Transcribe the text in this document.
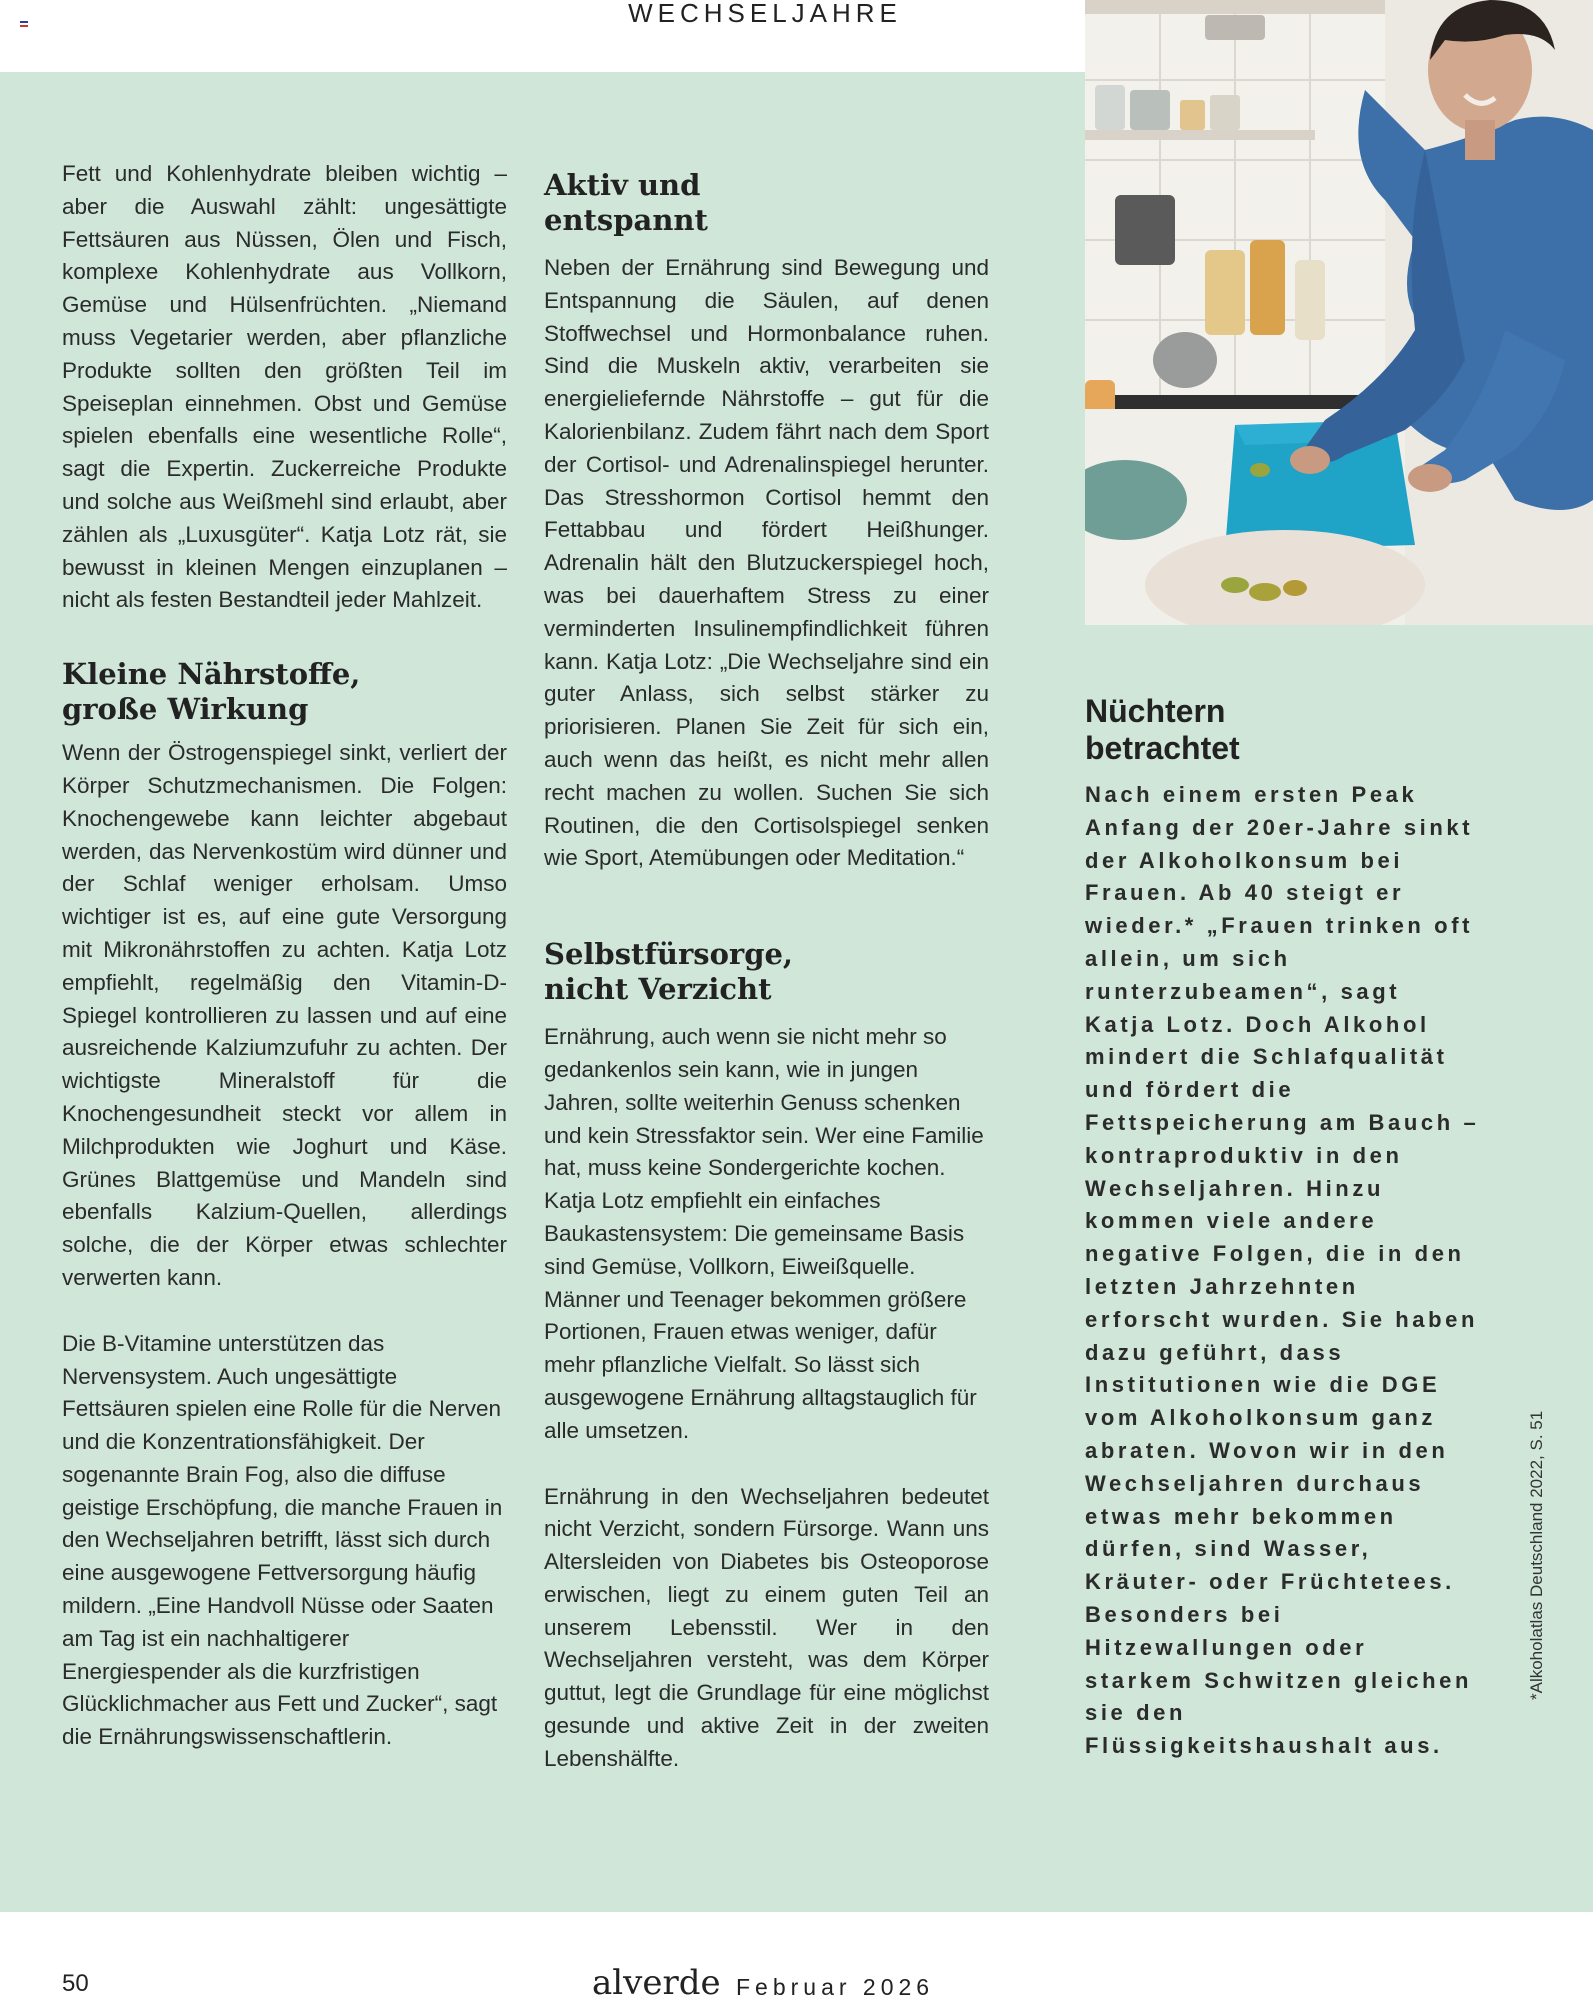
WECHSELJAHRE

Fett und Kohlenhydrate bleiben wichtig – aber die Auswahl zählt: ungesättigte Fettsäuren aus Nüssen, Ölen und Fisch, komplexe Kohlenhydrate aus Vollkorn, Gemüse und Hülsenfrüchten. „Niemand muss Vegetarier werden, aber pflanzliche Produkte sollten den größten Teil im Speiseplan einnehmen. Obst und Gemüse spielen ebenfalls eine wesentliche Rolle“, sagt die Expertin. Zuckerreiche Produkte und solche aus Weißmehl sind erlaubt, aber zählen als „Luxusgüter“. Katja Lotz rät, sie bewusst in kleinen Mengen einzuplanen – nicht als festen Bestandteil jeder Mahlzeit.

Kleine Nährstoffe,
große Wirkung

Wenn der Östrogenspiegel sinkt, verliert der Körper Schutzmechanismen. Die Folgen: Knochengewebe kann leichter abgebaut werden, das Nervenkostüm wird dünner und der Schlaf weniger erholsam. Umso wichtiger ist es, auf eine gute Versorgung mit Mikronährstoffen zu achten. Katja Lotz empfiehlt, regelmäßig den Vitamin-D-Spiegel kontrollieren zu lassen und auf eine ausreichende Kalziumzufuhr zu achten. Der wichtigste Mineralstoff für die Knochengesundheit steckt vor allem in Milchprodukten wie Joghurt und Käse. Grünes Blattgemüse und Mandeln sind ebenfalls Kalzium-Quellen, allerdings solche, die der Körper etwas schlechter verwerten kann.

Die B-Vitamine unterstützen das Nervensystem. Auch ungesättigte Fettsäuren spielen eine Rolle für die Nerven und die Konzentrationsfähigkeit. Der sogenannte Brain Fog, also die diffuse geistige Erschöpfung, die manche Frauen in den Wechseljahren betrifft, lässt sich durch eine ausgewogene Fettversorgung häufig mildern. „Eine Handvoll Nüsse oder Saaten am Tag ist ein nachhaltigerer Energiespender als die kurzfristigen Glücklichmacher aus Fett und Zucker“, sagt die Ernährungswissenschaftlerin.

Aktiv und
entspannt

Neben der Ernährung sind Bewegung und Entspannung die Säulen, auf denen Stoffwechsel und Hormonbalance ruhen. Sind die Muskeln aktiv, verarbeiten sie energieliefernde Nährstoffe – gut für die Kalorienbilanz. Zudem fährt nach dem Sport der Cortisol- und Adrenalinspiegel herunter. Das Stresshormon Cortisol hemmt den Fettabbau und fördert Heißhunger. Adrenalin hält den Blutzuckerspiegel hoch, was bei dauerhaftem Stress zu einer verminderten Insulinempfindlichkeit führen kann. Katja Lotz: „Die Wechseljahre sind ein guter Anlass, sich selbst stärker zu priorisieren. Planen Sie Zeit für sich ein, auch wenn das heißt, es nicht mehr allen recht machen zu wollen. Suchen Sie sich Routinen, die den Cortisolspiegel senken wie Sport, Atemübungen oder Meditation.“

Selbstfürsorge,
nicht Verzicht

Ernährung, auch wenn sie nicht mehr so gedankenlos sein kann, wie in jungen Jahren, sollte weiterhin Genuss schenken und kein Stressfaktor sein. Wer eine Familie hat, muss keine Sondergerichte kochen. Katja Lotz empfiehlt ein einfaches Baukastensystem: Die gemeinsame Basis sind Gemüse, Vollkorn, Eiweißquelle. Männer und Teenager bekommen größere Portionen, Frauen etwas weniger, dafür mehr pflanzliche Vielfalt. So lässt sich ausgewogene Ernährung alltagstauglich für alle umsetzen.

Ernährung in den Wechseljahren bedeutet nicht Verzicht, sondern Fürsorge. Wann uns Altersleiden von Diabetes bis Osteoporose erwischen, liegt zu einem guten Teil an unserem Lebensstil. Wer in den Wechseljahren versteht, was dem Körper guttut, legt die Grundlage für eine möglichst gesunde und aktive Zeit in der zweiten Lebenshälfte.

Nüchtern
betrachtet

Nach einem ersten Peak Anfang der 20er-Jahre sinkt der Alkoholkonsum bei Frauen. Ab 40 steigt er wieder.* „Frauen trinken oft allein, um sich runterzubeamen“, sagt Katja Lotz. Doch Alkohol mindert die Schlafqualität und fördert die Fettspeicherung am Bauch – kontraproduktiv in den Wechseljahren. Hinzu kommen viele andere negative Folgen, die in den letzten Jahrzehnten erforscht wurden. Sie haben dazu geführt, dass Institutionen wie die DGE vom Alkoholkonsum ganz abraten. Wovon wir in den Wechseljahren durchaus etwas mehr bekommen dürfen, sind Wasser, Kräuter- oder Früchtetees. Besonders bei Hitzewallungen oder starkem Schwitzen gleichen sie den Flüssigkeitshaushalt aus.

*Alkoholatlas Deutschland 2022, S. 51
50	alverde Februar 2026
